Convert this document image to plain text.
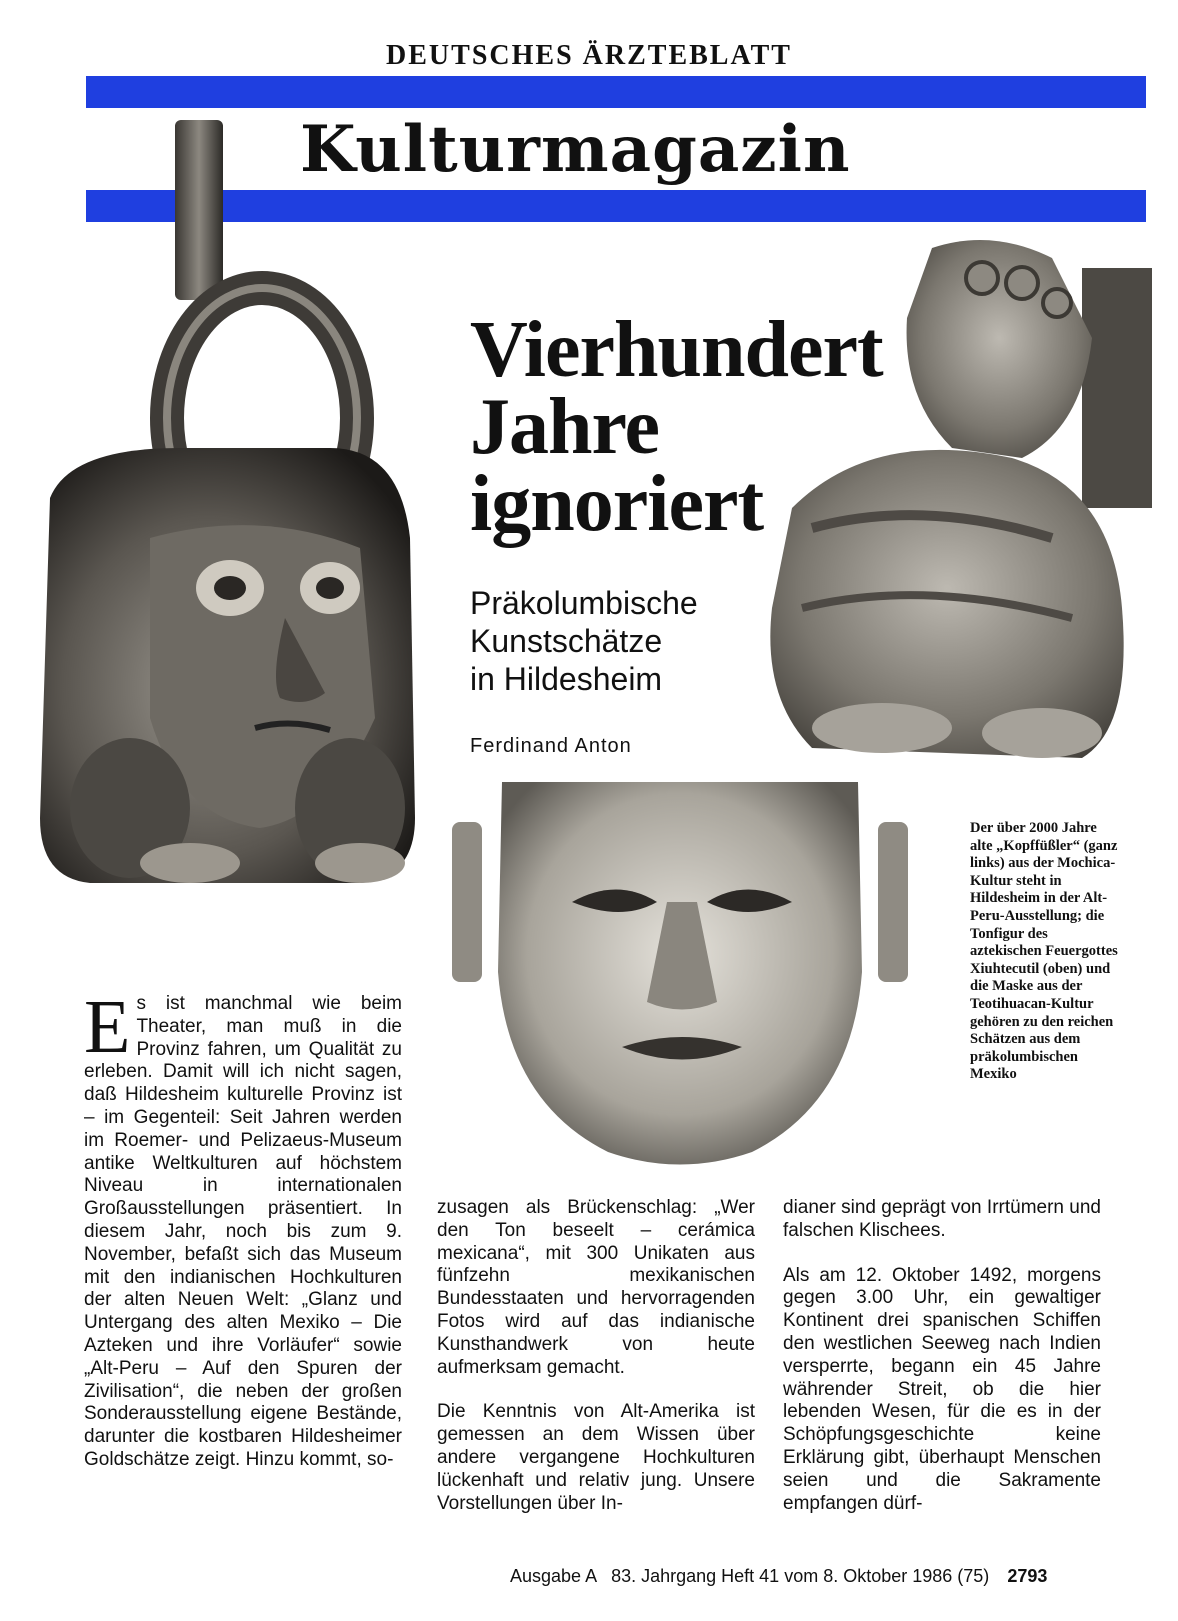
DEUTSCHES ÄRZTEBLATT
Kulturmagazin
Vierhundert
Jahre
ignoriert
Präkolumbische
Kunstschätze
in Hildesheim
Ferdinand Anton
Der über 2000 Jahre alte „Kopffüßler“ (ganz links) aus der Mochica-Kultur steht in Hildesheim in der Alt-Peru-Ausstellung; die Tonfigur des aztekischen Feuergottes Xiuhtecutil (oben) und die Maske aus der Teotihuacan-Kultur gehören zu den reichen Schätzen aus dem präkolumbischen Mexiko

Es ist manchmal wie beim Theater, man muß in die Provinz fahren, um Qualität zu erleben. Damit will ich nicht sagen, daß Hildesheim kulturelle Provinz ist – im Gegenteil: Seit Jahren werden im Roemer- und Pelizaeus-Museum antike Weltkulturen auf höchstem Niveau in internationalen Großausstellungen präsentiert. In diesem Jahr, noch bis zum 9. November, befaßt sich das Museum mit den indianischen Hochkulturen der alten Neuen Welt: „Glanz und Untergang des alten Mexiko – Die Azteken und ihre Vorläufer“ sowie „Alt-Peru – Auf den Spuren der Zivilisation“, die neben der großen Sonderausstellung eigene Bestände, darunter die kostbaren Hildesheimer Goldschätze zeigt. Hinzu kommt, so-

zusagen als Brückenschlag: „Wer den Ton beseelt – cerámica mexicana“, mit 300 Unikaten aus fünfzehn mexikanischen Bundesstaaten und hervorragenden Fotos wird auf das indianische Kunsthandwerk von heute aufmerksam gemacht.

Die Kenntnis von Alt-Amerika ist gemessen an dem Wissen über andere vergangene Hochkulturen lückenhaft und relativ jung. Unsere Vorstellungen über In-

dianer sind geprägt von Irrtümern und falschen Klischees.

Als am 12. Oktober 1492, morgens gegen 3.00 Uhr, ein gewaltiger Kontinent drei spanischen Schiffen den westlichen Seeweg nach Indien versperrte, begann ein 45 Jahre währender Streit, ob die hier lebenden Wesen, für die es in der Schöpfungsgeschichte keine Erklärung gibt, überhaupt Menschen seien und die Sakramente empfangen dürf-

Ausgabe A 83. Jahrgang Heft 41 vom 8. Oktober 1986 (75) 2793
